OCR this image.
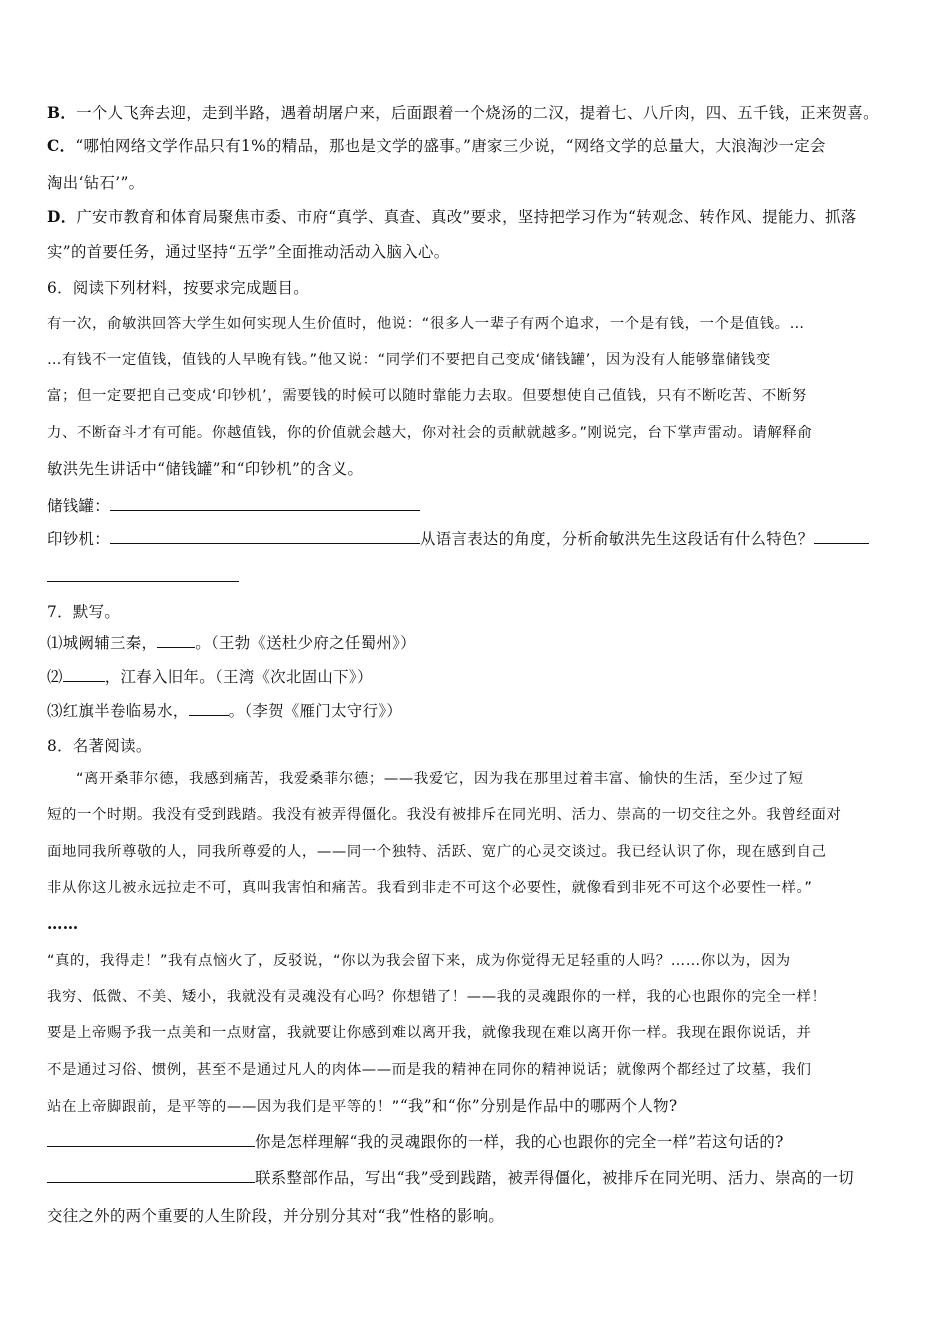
B．一个人飞奔去迎，走到半路，遇着胡屠户来，后面跟着一个烧汤的二汉，提着七、八斤肉，四、五千钱，正来贺喜。
C．“哪怕网络文学作品只有1%的精品，那也是文学的盛事。”唐家三少说，“网络文学的总量大，大浪淘沙一定会
淘出‘钻石’”。
D．广安市教育和体育局聚焦市委、市府“真学、真查、真改”要求，坚持把学习作为“转观念、转作风、提能力、抓落
实”的首要任务，通过坚持“五学”全面推动活动入脑入心。
6．阅读下列材料，按要求完成题目。
有一次，俞敏洪回答大学生如何实现人生价值时，他说：“很多人一辈子有两个追求，一个是有钱，一个是值钱。…
…有钱不一定值钱，值钱的人早晚有钱。”他又说：“同学们不要把自己变成‘储钱罐’，因为没有人能够靠储钱变
富；但一定要把自己变成‘印钞机’，需要钱的时候可以随时靠能力去取。但要想使自己值钱，只有不断吃苦、不断努
力、不断奋斗才有可能。你越值钱，你的价值就会越大，你对社会的贡献就越多。”刚说完，台下掌声雷动。请解释俞
敏洪先生讲话中“储钱罐”和“印钞机”的含义。
储钱罐：
印钞机：	从语言表达的角度，分析俞敏洪先生这段话有什么特色？
7．默写。
⑴城阙辅三秦， 。（王勃《送杜少府之任蜀州》）
⑵	，江春入旧年。（王湾《次北固山下》）
⑶红旗半卷临易水，	。（李贺《雁门太守行》）
8．名著阅读。
“离开桑菲尔德，我感到痛苦，我爱桑菲尔德；——我爱它，因为我在那里过着丰富、愉快的生活，至少过了短
短的一个时期。我没有受到践踏。我没有被弄得僵化。我没有被排斥在同光明、活力、崇高的一切交往之外。我曾经面对
面地同我所尊敬的人，同我所尊爱的人，——同一个独特、活跃、宽广的心灵交谈过。我已经认识了你，现在感到自己
非从你这儿被永远拉走不可，真叫我害怕和痛苦。我看到非走不可这个必要性，就像看到非死不可这个必要性一样。”
……
“真的，我得走！”我有点恼火了，反驳说，“你以为我会留下来，成为你觉得无足轻重的人吗？……你以为，因为
我穷、低微、不美、矮小，我就没有灵魂没有心吗？你想错了！——我的灵魂跟你的一样，我的心也跟你的完全一样！
要是上帝赐予我一点美和一点财富，我就要让你感到难以离开我，就像我现在难以离开你一样。我现在跟你说话，并
不是通过习俗、惯例，甚至不是通过凡人的肉体——而是我的精神在同你的精神说话；就像两个都经过了坟墓，我们
站在上帝脚跟前，是平等的——因为我们是平等的！”“我”和“你”分别是作品中的哪两个人物?
你是怎样理解“我的灵魂跟你的一样，我的心也跟你的完全一样”若这句话的?
联系整部作品，写出“我”受到践踏，被弄得僵化，被排斥在同光明、活力、崇高的一切
交往之外的两个重要的人生阶段，并分别分其对“我”性格的影响。
